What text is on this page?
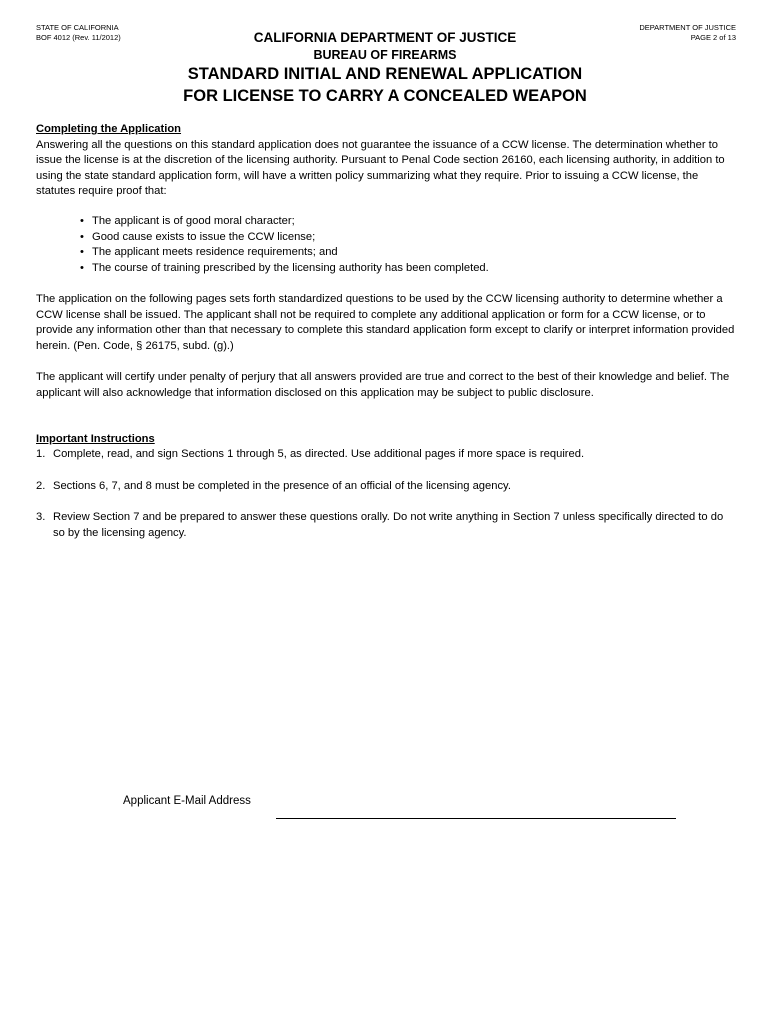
STATE OF CALIFORNIA
BOF 4012 (Rev. 11/2012)
DEPARTMENT OF JUSTICE
PAGE 2 of 13
CALIFORNIA DEPARTMENT OF JUSTICE
BUREAU OF FIREARMS
STANDARD INITIAL AND RENEWAL APPLICATION
FOR LICENSE TO CARRY A CONCEALED WEAPON
Completing the Application

Answering all the questions on this standard application does not guarantee the issuance of a CCW license. The determination whether to issue the license is at the discretion of the licensing authority. Pursuant to Penal Code section 26160, each licensing authority, in addition to using the state standard application form, will have a written policy summarizing what they require. Prior to issuing a CCW license, the statutes require proof that:

• The applicant is of good moral character;
• Good cause exists to issue the CCW license;
• The applicant meets residence requirements; and
• The course of training prescribed by the licensing authority has been completed.

The application on the following pages sets forth standardized questions to be used by the CCW licensing authority to determine whether a CCW license shall be issued. The applicant shall not be required to complete any additional application or form for a CCW license, or to provide any information other than that necessary to complete this standard application form except to clarify or interpret information provided herein. (Pen. Code, § 26175, subd. (g).)

The applicant will certify under penalty of perjury that all answers provided are true and correct to the best of their knowledge and belief. The applicant will also acknowledge that information disclosed on this application may be subject to public disclosure.

Important Instructions
1. Complete, read, and sign Sections 1 through 5, as directed. Use additional pages if more space is required.
2. Sections 6, 7, and 8 must be completed in the presence of an official of the licensing agency.
3. Review Section 7 and be prepared to answer these questions orally. Do not write anything in Section 7 unless specifically directed to do so by the licensing agency.
Applicant E-Mail Address
